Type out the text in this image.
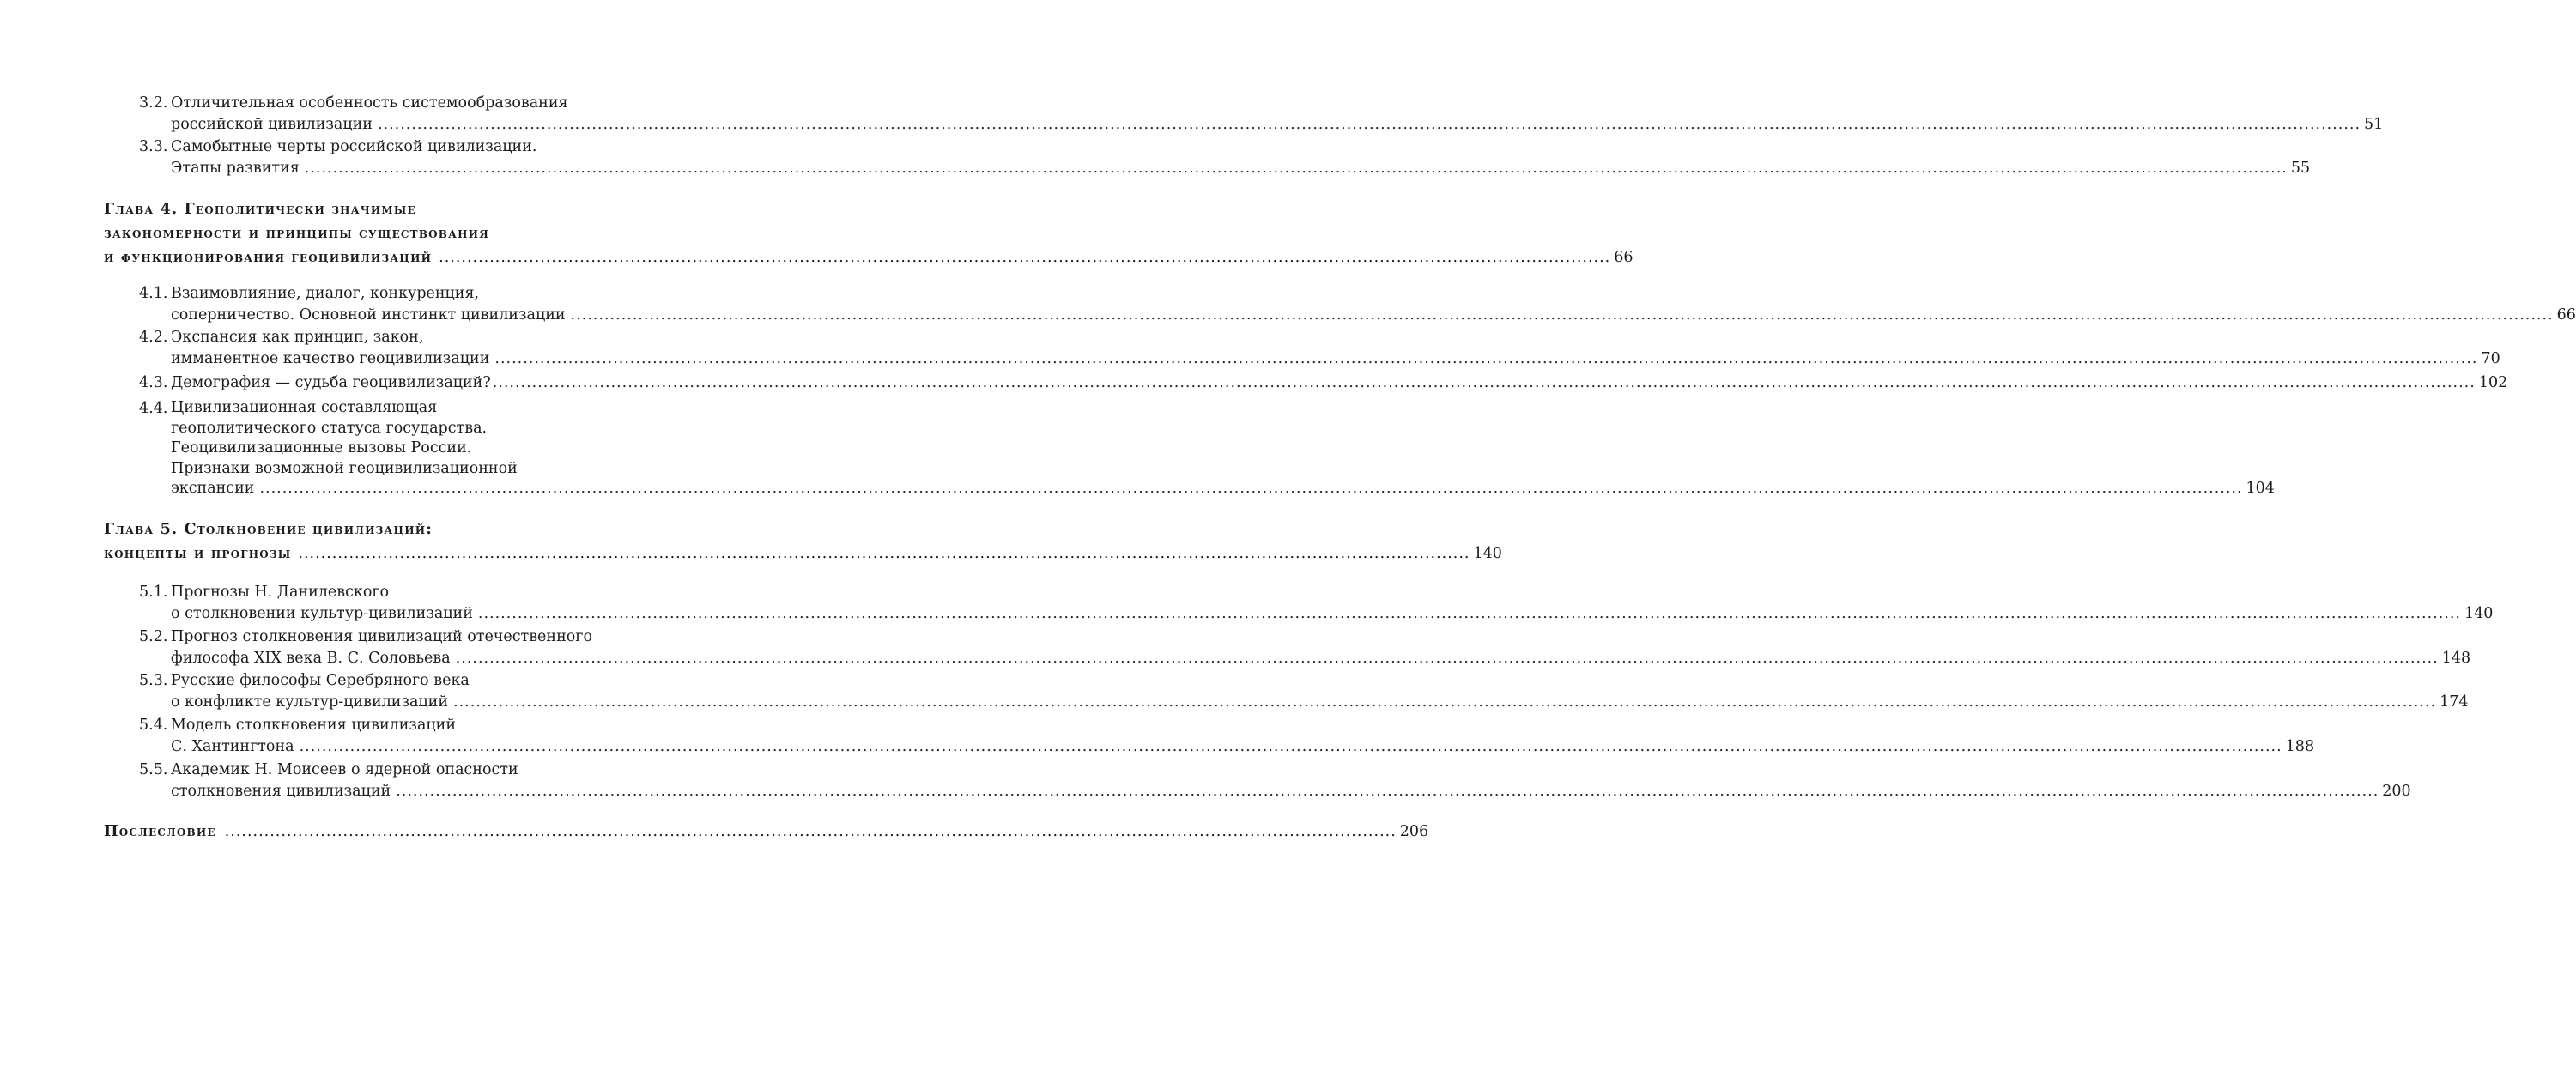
3.2. Отличительная особенность системообразования
российской цивилизации .....	51
3.3. Самобытные черты российской цивилизации.
Этапы развития .....	55
Глава 4. Геополитически значимые
закономерности и принципы существования
и функционирования геоцивилизаций ................................................................................................................................................................................................................ 66
4.1. Взаимовлияние, диалог, конкуренция,
соперничество. Основной инстинкт цивилизации .....	66
4.2. Экспансия как принцип, закон,
имманентное качество геоцивилизации .....	70
4.3. Демография — судьба геоцивилизаций? .....	102
4.4. Цивилизационная составляющая
геополитического статуса государства.
Геоцивилизационные вызовы России.
Признаки возможной геоцивилизационной
экспансии .....	104
Глава 5. Столкновение цивилизаций:
концепты и прогнозы ................................................................................................................................................................................................................ 140
5.1. Прогнозы Н. Данилевского
о столкновении культур-цивилизаций .....	140
5.2. Прогноз столкновения цивилизаций отечественного
философа XIX века В. С. Соловьева .....	148
5.3. Русские философы Серебряного века
о конфликте культур-цивилизаций .....	174
5.4. Модель столкновения цивилизаций
С. Хантингтона .....	188
5.5. Академик Н. Моисеев о ядерной опасности
столкновения цивилизаций .....	200
Послесловие ................................................................................................................................................................................................................ 206
